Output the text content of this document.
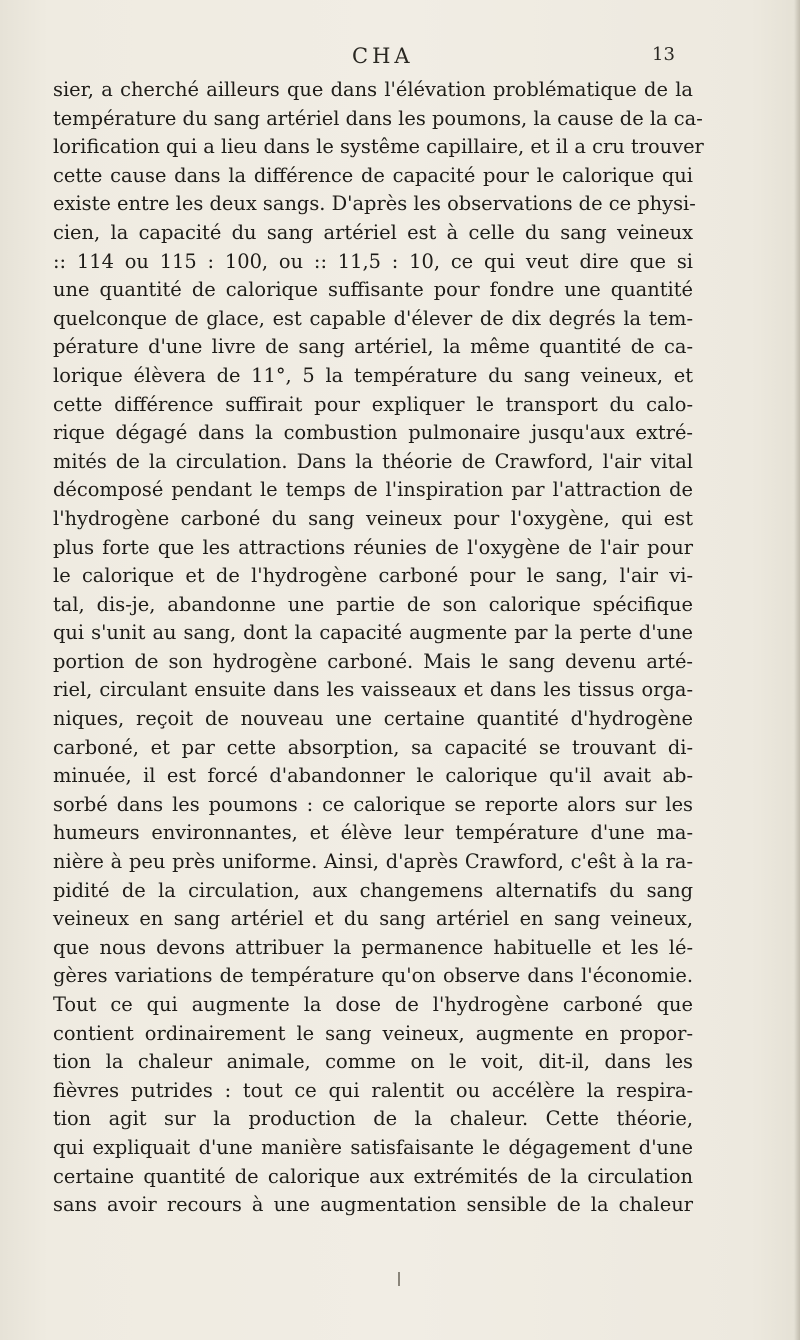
CHA	13
sier, a cherché ailleurs que dans l'élévation problématique de la
température du sang artériel dans les poumons, la cause de la ca-
lorification qui a lieu dans le systême capillaire, et il a cru trouver
cette cause dans la différence de capacité pour le calorique qui
existe entre les deux sangs. D'après les observations de ce physi-
cien, la capacité du sang artériel est à celle du sang veineux
:: 114 ou 115 : 100, ou :: 11,5 : 10, ce qui veut dire que si
une quantité de calorique suffisante pour fondre une quantité
quelconque de glace, est capable d'élever de dix degrés la tem-
pérature d'une livre de sang artériel, la même quantité de ca-
lorique élèvera de 11°, 5 la température du sang veineux, et
cette différence suffirait pour expliquer le transport du calo-
rique dégagé dans la combustion pulmonaire jusqu'aux extré-
mités de la circulation. Dans la théorie de Crawford, l'air vital
décomposé pendant le temps de l'inspiration par l'attraction de
l'hydrogène carboné du sang veineux pour l'oxygène, qui est
plus forte que les attractions réunies de l'oxygène de l'air pour
le calorique et de l'hydrogène carboné pour le sang, l'air vi-
tal, dis-je, abandonne une partie de son calorique spécifique
qui s'unit au sang, dont la capacité augmente par la perte d'une
portion de son hydrogène carboné. Mais le sang devenu arté-
riel, circulant ensuite dans les vaisseaux et dans les tissus orga-
niques, reçoit de nouveau une certaine quantité d'hydrogène
carboné, et par cette absorption, sa capacité se trouvant di-
minuée, il est forcé d'abandonner le calorique qu'il avait ab-
sorbé dans les poumons : ce calorique se reporte alors sur les
humeurs environnantes, et élève leur température d'une ma-
nière à peu près uniforme. Ainsi, d'après Crawford, c'eŝt à la ra-
pidité de la circulation, aux changemens alternatifs du sang
veineux en sang artériel et du sang artériel en sang veineux,
que nous devons attribuer la permanence habituelle et les lé-
gères variations de température qu'on observe dans l'économie.
Tout ce qui augmente la dose de l'hydrogène carboné que
contient ordinairement le sang veineux, augmente en propor-
tion la chaleur animale, comme on le voit, dit-il, dans les
fièvres putrides : tout ce qui ralentit ou accélère la respira-
tion agit sur la production de la chaleur. Cette théorie,
qui expliquait d'une manière satisfaisante le dégagement d'une
certaine quantité de calorique aux extrémités de la circulation
sans avoir recours à une augmentation sensible de la chaleur
